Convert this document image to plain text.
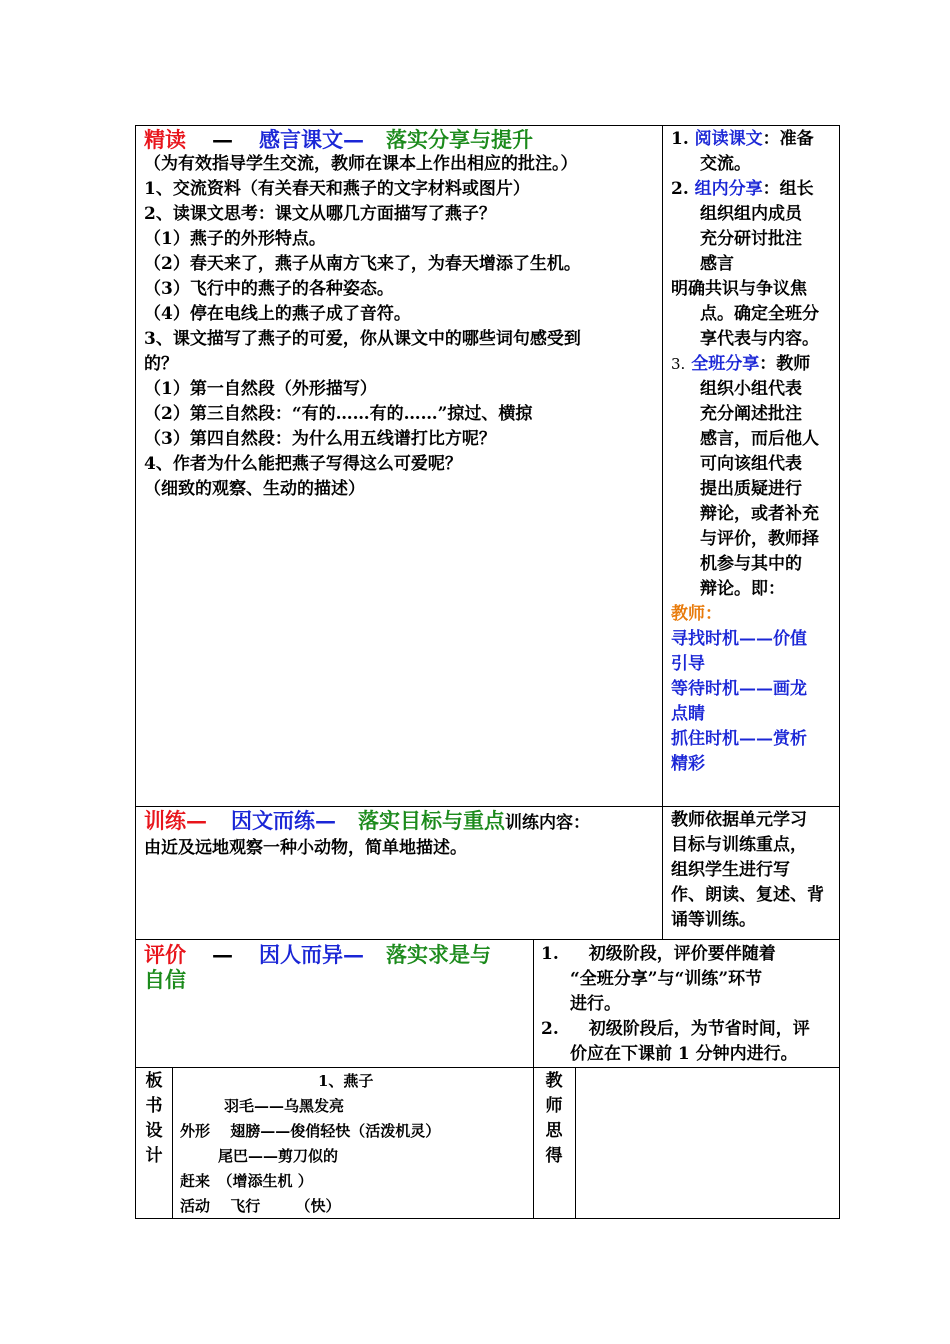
精读 — 感言课文— 落实分享与提升

（为有效指导学生交流，教师在课本上作出相应的批注。）

1、交流资料（有关春天和燕子的文字材料或图片）

2、读课文思考：课文从哪几方面描写了燕子？

（1）燕子的外形特点。

（2）春天来了，燕子从南方飞来了，为春天增添了生机。

（3）飞行中的燕子的各种姿态。

（4）停在电线上的燕子成了音符。

3、课文描写了燕子的可爱，你从课文中的哪些词句感受到

的？

（1）第一自然段（外形描写）

（2）第三自然段：“有的……有的……”掠过、横掠

（3）第四自然段：为什么用五线谱打比方呢？

4、作者为什么能把燕子写得这么可爱呢？

（细致的观察、生动的描述）

1. 阅读课文：准备

交流。

2. 组内分享：组长

组织组内成员

充分研讨批注

感言

明确共识与争议焦

点。确定全班分

享代表与内容。

3. 全班分享：教师

组织小组代表

充分阐述批注

感言，而后他人

可向该组代表

提出质疑进行

辩论，或者补充

与评价，教师择

机参与其中的

辩论。即：

教师：

寻找时机——价值

引导

等待时机——画龙

点睛

抓住时机——赏析

精彩

训练— 因文而练— 落实目标与重点训练内容：

由近及远地观察一种小动物，简单地描述。

教师依据单元学习

目标与训练重点，

组织学生进行写

作、朗读、复述、背

诵等训练。

评价 — 因人而异— 落实求是与

自信

1. 初级阶段，评价要伴随着

“全班分享”与“训练”环节

进行。

2. 初级阶段后，为节省时间，评

价应在下课前 1 分钟内进行。

板

书

设

计

1、燕子

羽毛——乌黑发亮

外形　 翅膀——俊俏轻快（活泼机灵）

尾巴——剪刀似的

赶来　（增添生机 ）

活动　 飞行　　 （快）

教

师

思

得
